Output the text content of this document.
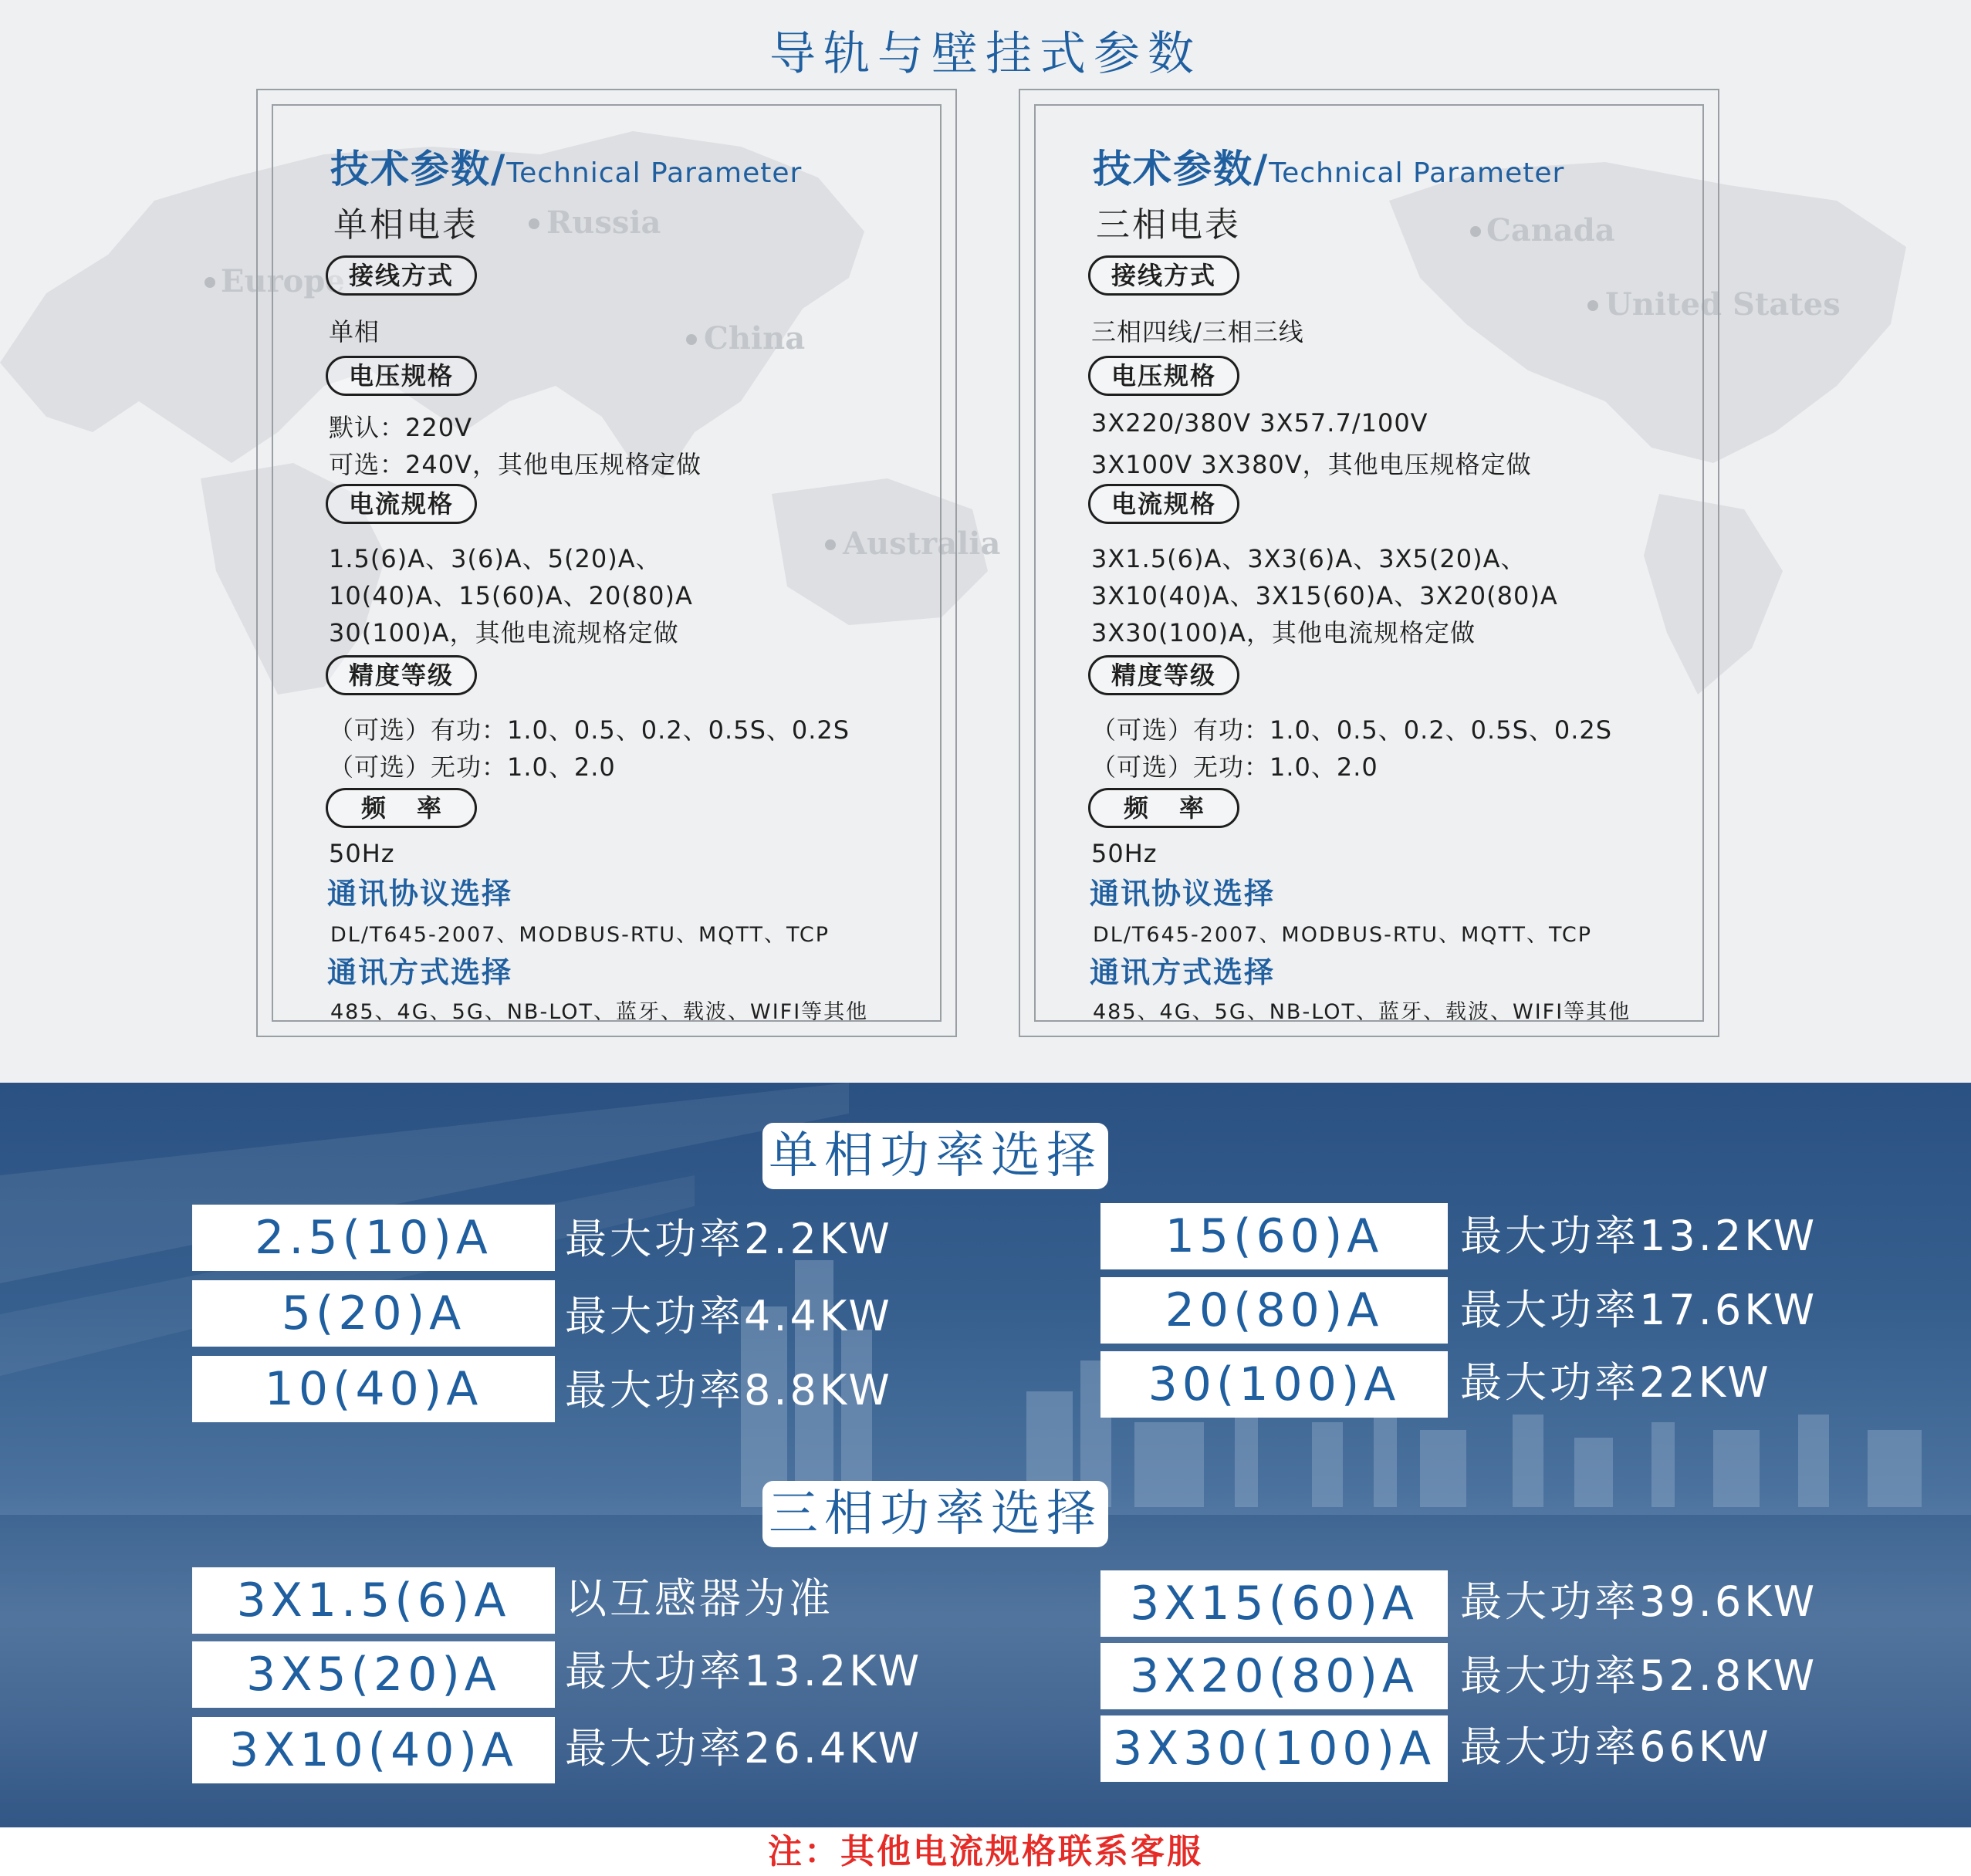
Russia
Europe
China
Australia
Canada
United States
导轨与壁挂式参数
技术参数/Technical Parameter
单相电表
接线方式
单相
电压规格
默认：220V
可选：240V，其他电压规格定做
电流规格
1.5(6)A、3(6)A、5(20)A、
10(40)A、15(60)A、20(80)A
30(100)A，其他电流规格定做
精度等级
（可选）有功：1.0、0.5、0.2、0.5S、0.2S
（可选）无功：1.0、2.0
频率
50Hz
通讯协议选择
DL/T645-2007、MODBUS-RTU、MQTT、TCP
通讯方式选择
485、4G、5G、NB-LOT、蓝牙、载波、WIFI等其他
技术参数/Technical Parameter
三相电表
接线方式
三相四线/三相三线
电压规格
3X220/380V 3X57.7/100V
3X100V 3X380V，其他电压规格定做
电流规格
3X1.5(6)A、3X3(6)A、3X5(20)A、
3X10(40)A、3X15(60)A、3X20(80)A
3X30(100)A，其他电流规格定做
精度等级
（可选）有功：1.0、0.5、0.2、0.5S、0.2S
（可选）无功：1.0、2.0
频率
50Hz
通讯协议选择
DL/T645-2007、MODBUS-RTU、MQTT、TCP
通讯方式选择
485、4G、5G、NB-LOT、蓝牙、载波、WIFI等其他
单相功率选择
2.5(10)A	最大功率2.2KW
5(20)A	最大功率4.4KW
10(40)A	最大功率8.8KW
15(60)A	最大功率13.2KW
20(80)A	最大功率17.6KW
30(100)A	最大功率22KW
三相功率选择
3X1.5(6)A	以互感器为准
3X5(20)A	最大功率13.2KW
3X10(40)A	最大功率26.4KW
3X15(60)A	最大功率39.6KW
3X20(80)A	最大功率52.8KW
3X30(100)A 最大功率66KW
注：其他电流规格联系客服
